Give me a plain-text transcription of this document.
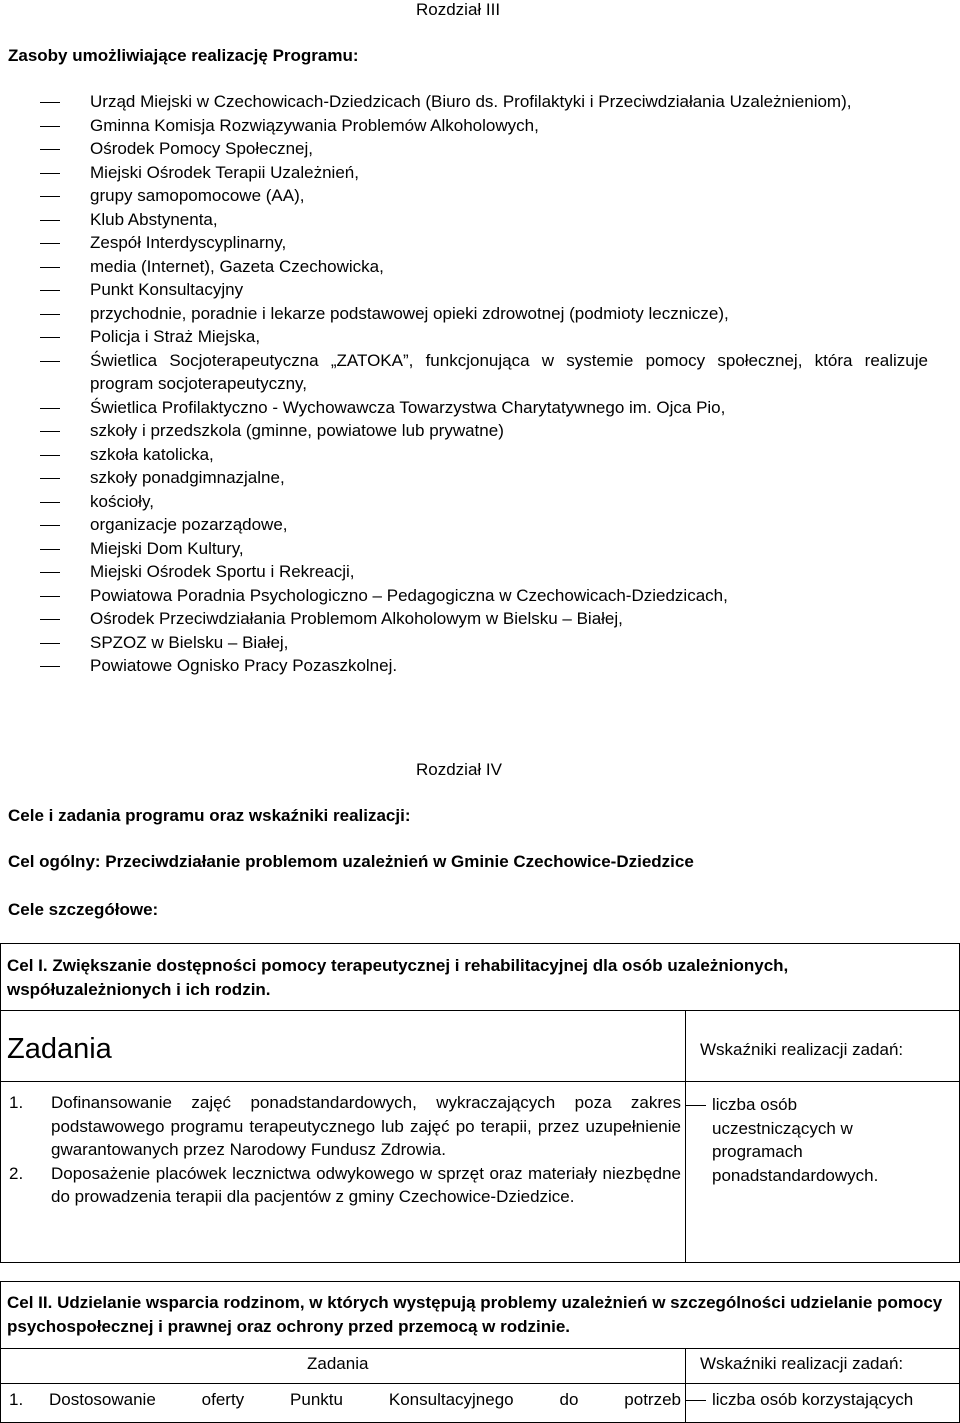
Rozdział III
Zasoby umożliwiające realizację Programu:
Urząd Miejski w Czechowicach-Dziedzicach (Biuro ds. Profilaktyki i Przeciwdziałania Uzależnieniom),
Gminna Komisja Rozwiązywania Problemów Alkoholowych,
Ośrodek Pomocy Społecznej,
Miejski Ośrodek Terapii Uzależnień,
grupy samopomocowe (AA),
Klub Abstynenta,
Zespół Interdyscyplinarny,
media (Internet), Gazeta Czechowicka,
Punkt Konsultacyjny
przychodnie, poradnie i lekarze podstawowej opieki zdrowotnej (podmioty lecznicze),
Policja i Straż Miejska,
Świetlica Socjoterapeutyczna „ZATOKA”, funkcjonująca w systemie pomocy społecznej, która realizuje program socjoterapeutyczny,
Świetlica Profilaktyczno - Wychowawcza Towarzystwa Charytatywnego im. Ojca Pio,
szkoły i przedszkola (gminne, powiatowe lub prywatne)
szkoła katolicka,
szkoły ponadgimnazjalne,
kościoły,
organizacje pozarządowe,
Miejski Dom Kultury,
Miejski Ośrodek Sportu i Rekreacji,
Powiatowa Poradnia Psychologiczno – Pedagogiczna w Czechowicach-Dziedzicach,
Ośrodek Przeciwdziałania Problemom Alkoholowym w Bielsku – Białej,
SPZOZ w Bielsku – Białej,
Powiatowe Ognisko Pracy Pozaszkolnej.
Rozdział IV
Cele i zadania programu oraz wskaźniki realizacji:
Cel ogólny: Przeciwdziałanie problemom uzależnień w Gminie Czechowice-Dziedzice
Cele szczegółowe:
Cel I. Zwiększanie dostępności pomocy terapeutycznej i rehabilitacyjnej dla osób uzależnionych, współuzależnionych i ich rodzin.
Zadania	Wskaźniki realizacji zadań:
1. Dofinansowanie zajęć ponadstandardowych, wykraczających poza zakres podstawowego programu terapeutycznego lub zajęć po terapii, przez uzupełnienie gwarantowanych przez Narodowy Fundusz Zdrowia.
2. Doposażenie placówek lecznictwa odwykowego w sprzęt oraz materiały niezbędne do prowadzenia terapii dla pacjentów z gminy Czechowice-Dziedzice.
liczba osób uczestniczących w programach ponadstandardowych.
Cel II. Udzielanie wsparcia rodzinom, w których występują problemy uzależnień w szczególności udzielanie pomocy psychospołecznej i prawnej oraz ochrony przed przemocą w rodzinie.
Zadania	Wskaźniki realizacji zadań:
1. Dostosowanie oferty Punktu Konsultacyjnego do potrzeb liczba osób korzystających
